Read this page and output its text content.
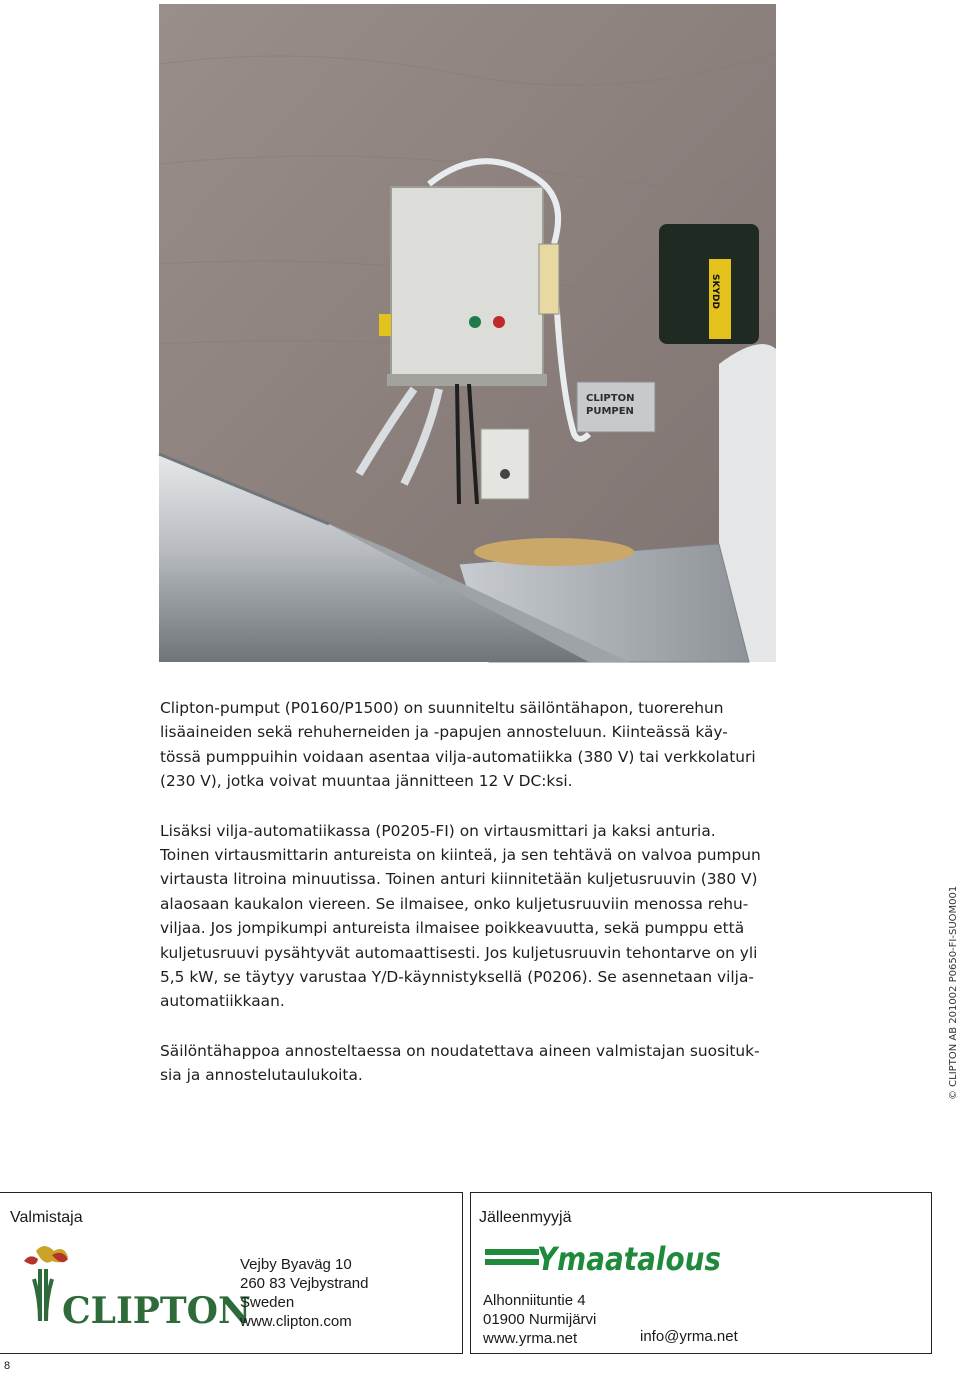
CLIPTON
PUMPEN
SKYDD

Clipton-pumput (P0160/P1500) on suunniteltu säilöntähapon, tuorerehun
lisäaineiden sekä rehuherneiden ja -papujen annosteluun. Kiinteässä käy-
tössä pumppuihin voidaan asentaa vilja-automatiikka (380 V) tai verkkolaturi
(230 V), jotka voivat muuntaa jännitteen 12 V DC:ksi.

Lisäksi vilja-automatiikassa (P0205-FI) on virtausmittari ja kaksi anturia.
Toinen virtausmittarin antureista on kiinteä, ja sen tehtävä on valvoa pumpun
virtausta litroina minuutissa. Toinen anturi kiinnitetään kuljetusruuvin (380 V)
alaosaan kaukalon viereen. Se ilmaisee, onko kuljetusruuviin menossa rehu-
viljaa. Jos jompikumpi antureista ilmaisee poikkeavuutta, sekä pumppu että
kuljetusruuvi pysähtyvät automaattisesti. Jos kuljetusruuvin tehontarve on yli
5,5 kW, se täytyy varustaa Y/D-käynnistyksellä (P0206). Se asennetaan vilja-
automatiikkaan.

Säilöntähappoa annosteltaessa on noudatettava aineen valmistajan suosituk-
sia ja annostelutaulukoita.	© CLIPTON AB 201002 P0650-FI-SUOM001
Valmistaja
CLIPTON
Vejby Byaväg 10
260 83 Vejbystrand
Sweden
www.clipton.com
Jälleenmyyjä
Ymaatalous
Alhonniituntie 4
01900 Nurmijärvi
www.yrma.net	info@yrma.net
8
